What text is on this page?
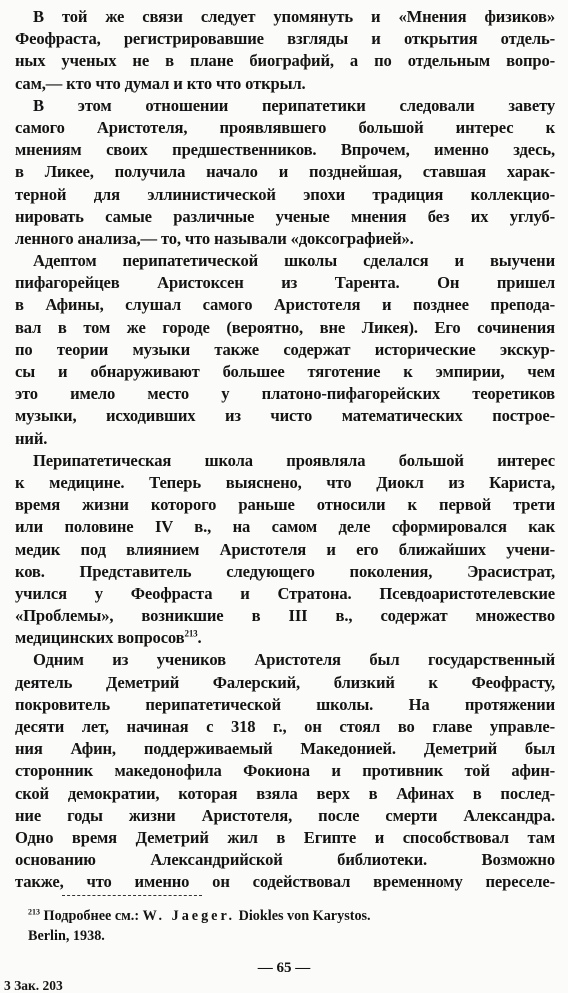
В той же связи следует упомянуть и «Мнения физиков»
Феофраста, регистрировавшие взгляды и открытия отдель-
ных ученых не в плане биографий, а по отдельным вопро-
сам,— кто что думал и кто что открыл.
В этом отношении перипатетики следовали завету
самого Аристотеля, проявлявшего большой интерес к
мнениям своих предшественников. Впрочем, именно здесь,
в Ликее, получила начало и позднейшая, ставшая харак-
терной для эллинистической эпохи традиция коллекцио-
нировать самые различные ученые мнения без их углуб-
ленного анализа,— то, что называли «доксографией».
Адептом перипатетической школы сделался и выучени
пифагорейцев Аристоксен из Тарента. Он пришел
в Афины, слушал самого Аристотеля и позднее препода-
вал в том же городе (вероятно, вне Ликея). Его сочинения
по теории музыки также содержат исторические экскур-
сы и обнаруживают большее тяготение к эмпирии, чем
это имело место у платоно-пифагорейских теоретиков
музыки, исходивших из чисто математических построе-
ний.
Перипатетическая школа проявляла большой интерес
к медицине. Теперь выяснено, что Диокл из Кариста,
время жизни которого раньше относили к первой трети
или половине IV в., на самом деле сформировался как
медик под влиянием Аристотеля и его ближайших учени-
ков. Представитель следующего поколения, Эрасистрат,
учился у Феофраста и Стратона. Псевдоаристотелевские
«Проблемы», возникшие в III в., содержат множество
медицинских вопросов$^{213}$.
Одним из учеников Аристотеля был государственный
деятель Деметрий Фалерский, близкий к Феофрасту,
покровитель перипатетической школы. На протяжении
десяти лет, начиная с 318 г., он стоял во главе управле-
ния Афин, поддерживаемый Македонией. Деметрий был
сторонник македонофила Фокиона и противник той афин-
ской демократии, которая взяла верх в Афинах в послед-
ние годы жизни Аристотеля, после смерти Александра.
Одно время Деметрий жил в Египте и способствовал там
основанию Александрийской библиотеки. Возможно
также, что именно он содействовал временному переселе-
$^{213}$ Подробнее см.: W. Jaeger. Diokles von Karystos.
Berlin, 1938.
— 65 —
3 Зак. 203
